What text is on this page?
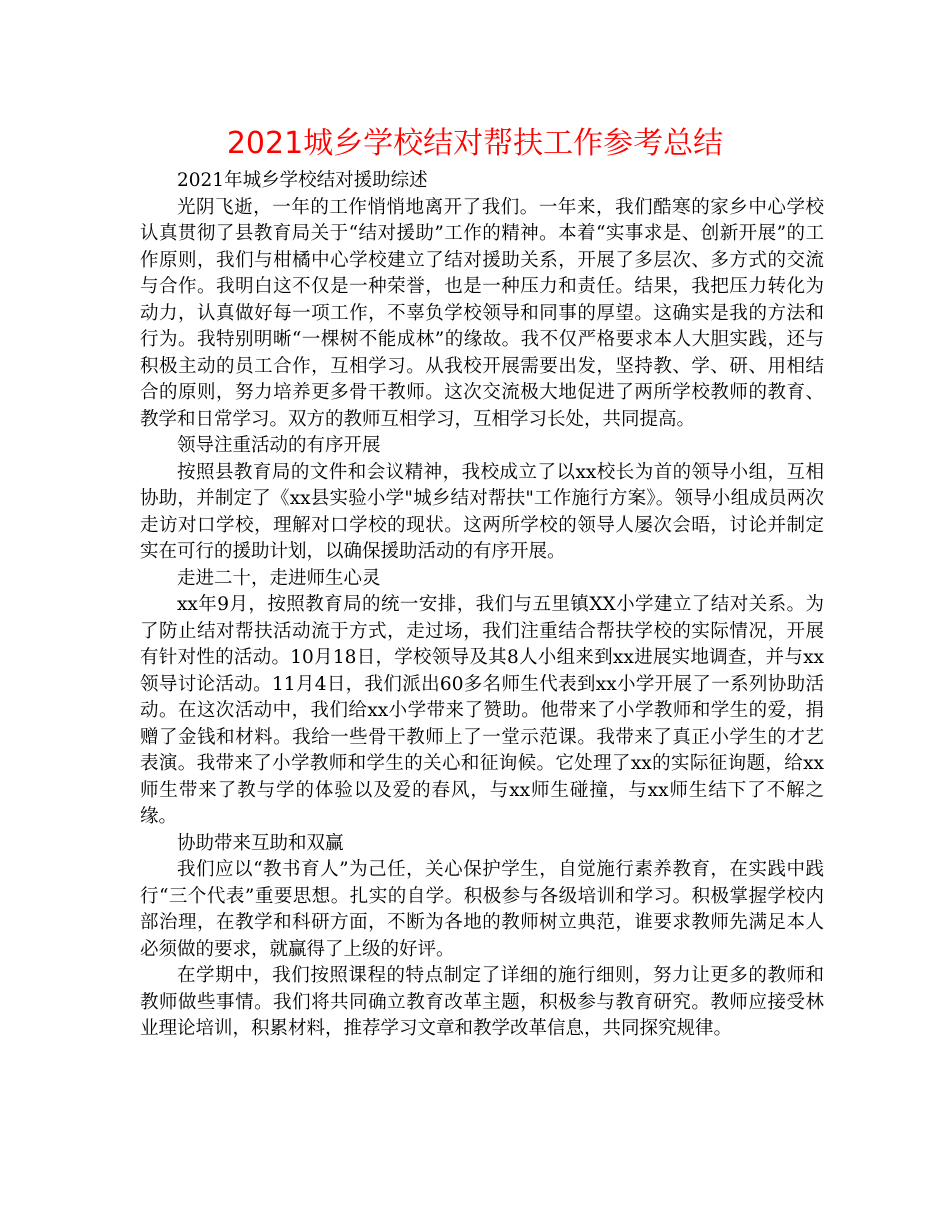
2021城乡学校结对帮扶工作参考总结

2021年城乡学校结对援助综述

光阴飞逝，一年的工作悄悄地离开了我们。一年来，我们酷寒的家乡中心学校认真贯彻了县教育局关于“结对援助”工作的精神。本着“实事求是、创新开展”的工作原则，我们与柑橘中心学校建立了结对援助关系，开展了多层次、多方式的交流与合作。我明白这不仅是一种荣誉，也是一种压力和责任。结果，我把压力转化为动力，认真做好每一项工作，不辜负学校领导和同事的厚望。这确实是我的方法和行为。我特别明晰“一棵树不能成林”的缘故。我不仅严格要求本人大胆实践，还与积极主动的员工合作，互相学习。从我校开展需要出发，坚持教、学、研、用相结合的原则，努力培养更多骨干教师。这次交流极大地促进了两所学校教师的教育、教学和日常学习。双方的教师互相学习，互相学习长处，共同提高。

领导注重活动的有序开展

按照县教育局的文件和会议精神，我校成立了以xx校长为首的领导小组，互相协助，并制定了《xx县实验小学"城乡结对帮扶"工作施行方案》。领导小组成员两次走访对口学校，理解对口学校的现状。这两所学校的领导人屡次会晤，讨论并制定实在可行的援助计划，以确保援助活动的有序开展。

走进二十，走进师生心灵

xx年9月，按照教育局的统一安排，我们与五里镇XX小学建立了结对关系。为了防止结对帮扶活动流于方式，走过场，我们注重结合帮扶学校的实际情况，开展有针对性的活动。10月18日，学校领导及其8人小组来到xx进展实地调查，并与xx领导讨论活动。11月4日，我们派出60多名师生代表到xx小学开展了一系列协助活动。在这次活动中，我们给xx小学带来了赞助。他带来了小学教师和学生的爱，捐赠了金钱和材料。我给一些骨干教师上了一堂示范课。我带来了真正小学生的才艺表演。我带来了小学教师和学生的关心和征询候。它处理了xx的实际征询题，给xx师生带来了教与学的体验以及爱的春风，与xx师生碰撞，与xx师生结下了不解之缘。

协助带来互助和双赢

我们应以“教书育人”为己任，关心保护学生，自觉施行素养教育，在实践中践行“三个代表”重要思想。扎实的自学。积极参与各级培训和学习。积极掌握学校内部治理，在教学和科研方面，不断为各地的教师树立典范，谁要求教师先满足本人必须做的要求，就赢得了上级的好评。

在学期中，我们按照课程的特点制定了详细的施行细则，努力让更多的教师和教师做些事情。我们将共同确立教育改革主题，积极参与教育研究。教师应接受林业理论培训，积累材料，推荐学习文章和教学改革信息，共同探究规律。
